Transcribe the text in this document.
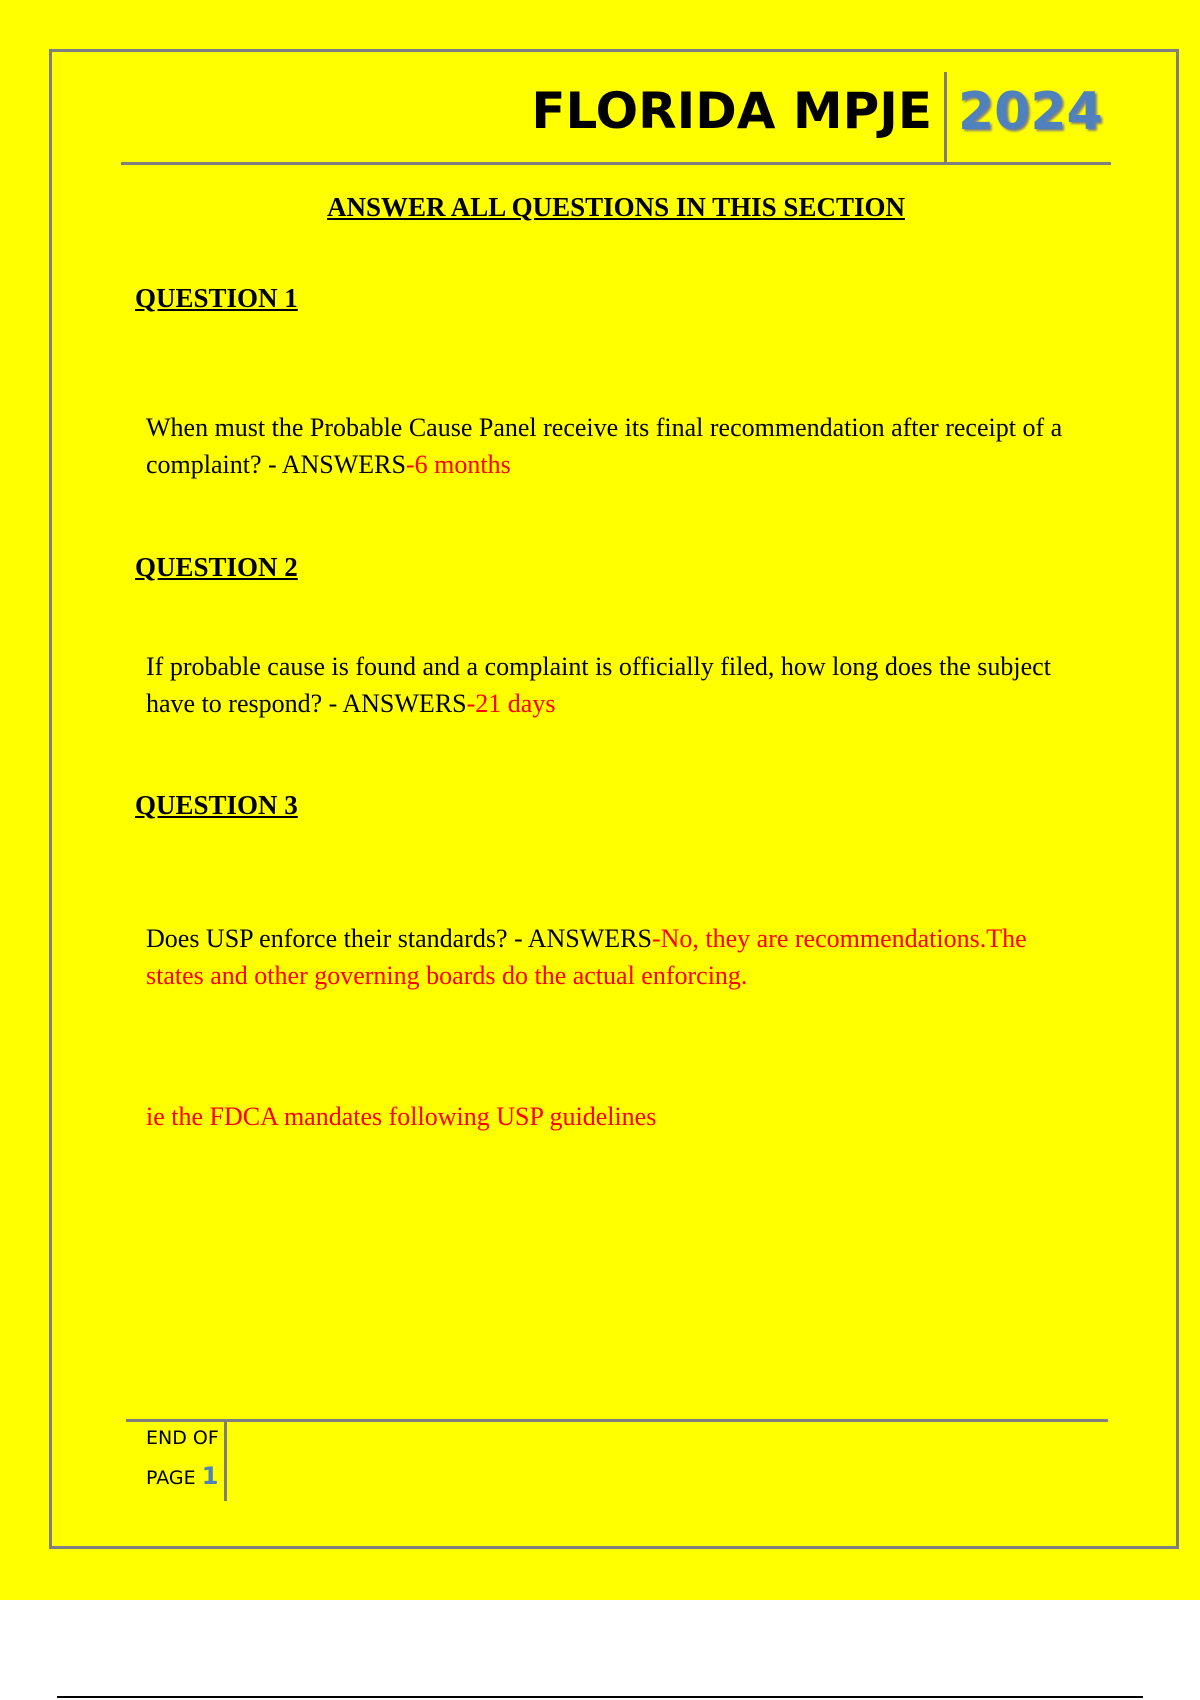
FLORIDA MPJE 2024
ANSWER ALL QUESTIONS IN THIS SECTION
QUESTION 1
When must the Probable Cause Panel receive its final recommendation after receipt of a complaint? - ANSWERS-6 months
QUESTION 2
If probable cause is found and a complaint is officially filed, how long does the subject have to respond? - ANSWERS-21 days
QUESTION 3
Does USP enforce their standards? - ANSWERS-No, they are recommendations.The states and other governing boards do the actual enforcing.
ie the FDCA mandates following USP guidelines
END OF
PAGE 1
